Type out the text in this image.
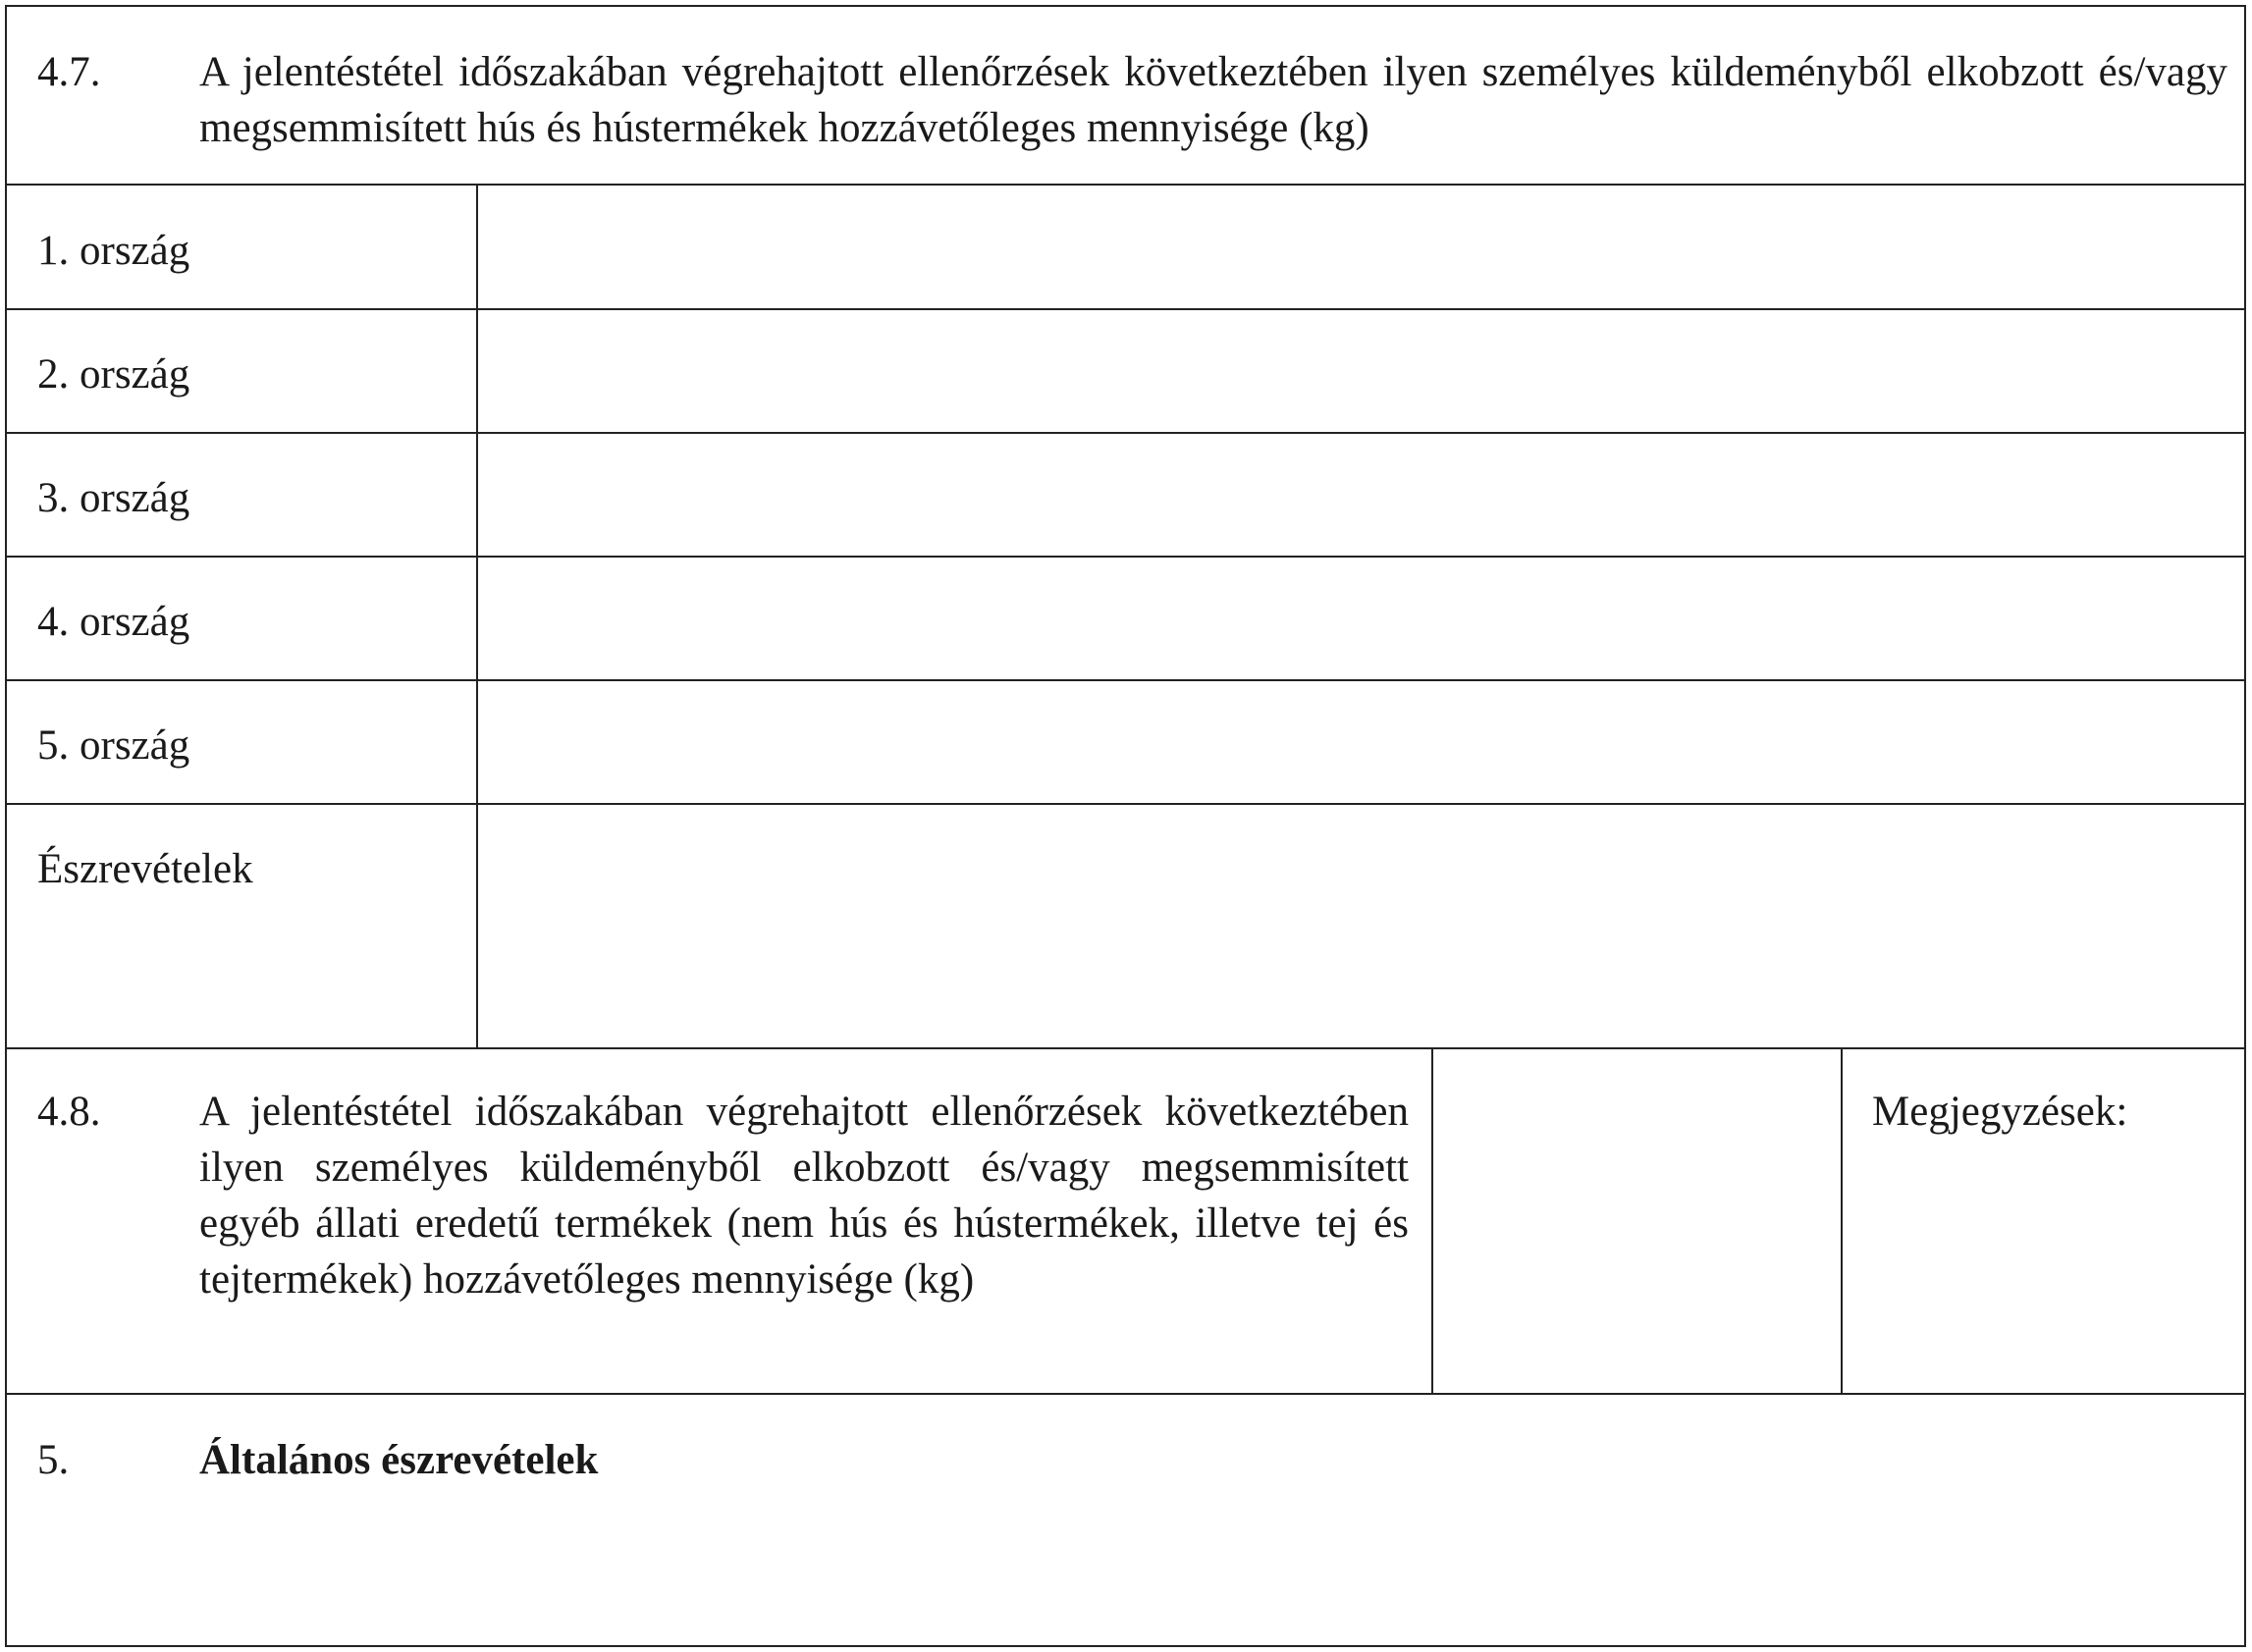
4.7. A jelentéstétel időszakában végrehajtott ellenőrzések következtében ilyen személyes küldeményből elkobzott és/vagy megsemmisített hús és hústermékek hozzávetőleges mennyisége (kg)
1. ország
2. ország
3. ország
4. ország
5. ország
Észrevételek
4.8. A jelentéstétel időszakában végrehajtott ellenőrzések következtében ilyen személyes küldeményből elkobzott és/vagy megsemmisített egyéb állati eredetű termékek (nem hús és hústermékek, illetve tej és tejtermékek) hozzávetőleges mennyisége (kg)
Megjegyzések:
5.	Általános észrevételek
